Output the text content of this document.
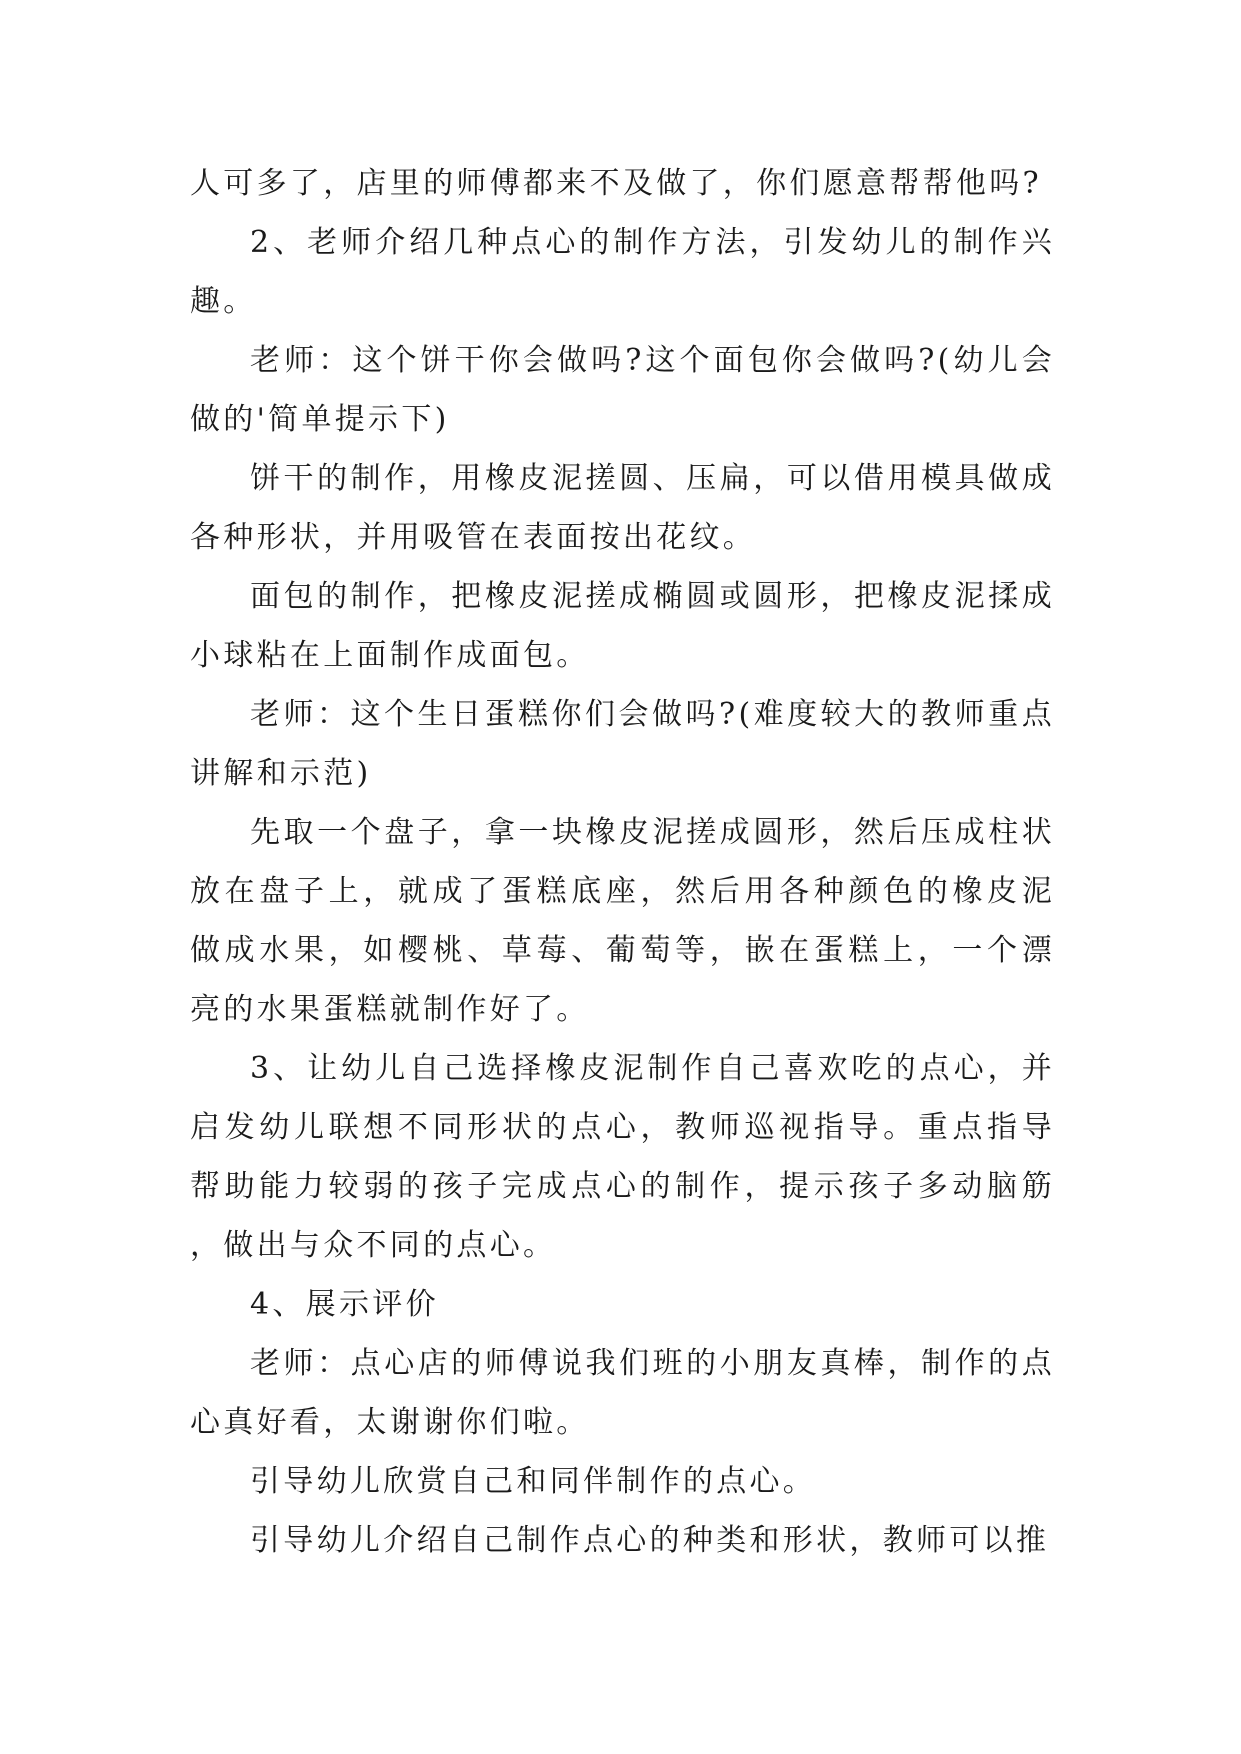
人可多了，店里的师傅都来不及做了，你们愿意帮帮他吗?

2、老师介绍几种点心的制作方法，引发幼儿的制作兴趣。

老师：这个饼干你会做吗?这个面包你会做吗?(幼儿会做的'简单提示下)

饼干的制作，用橡皮泥搓圆、压扁，可以借用模具做成各种形状，并用吸管在表面按出花纹。

面包的制作，把橡皮泥搓成椭圆或圆形，把橡皮泥揉成小球粘在上面制作成面包。

老师：这个生日蛋糕你们会做吗?(难度较大的教师重点讲解和示范)

先取一个盘子，拿一块橡皮泥搓成圆形，然后压成柱状放在盘子上，就成了蛋糕底座，然后用各种颜色的橡皮泥做成水果，如樱桃、草莓、葡萄等，嵌在蛋糕上，一个漂亮的水果蛋糕就制作好了。

3、让幼儿自己选择橡皮泥制作自己喜欢吃的点心，并启发幼儿联想不同形状的点心，教师巡视指导。重点指导帮助能力较弱的孩子完成点心的制作，提示孩子多动脑筋，做出与众不同的点心。

4、展示评价

老师：点心店的师傅说我们班的小朋友真棒，制作的点心真好看，太谢谢你们啦。

引导幼儿欣赏自己和同伴制作的点心。

引导幼儿介绍自己制作点心的种类和形状，教师可以推
